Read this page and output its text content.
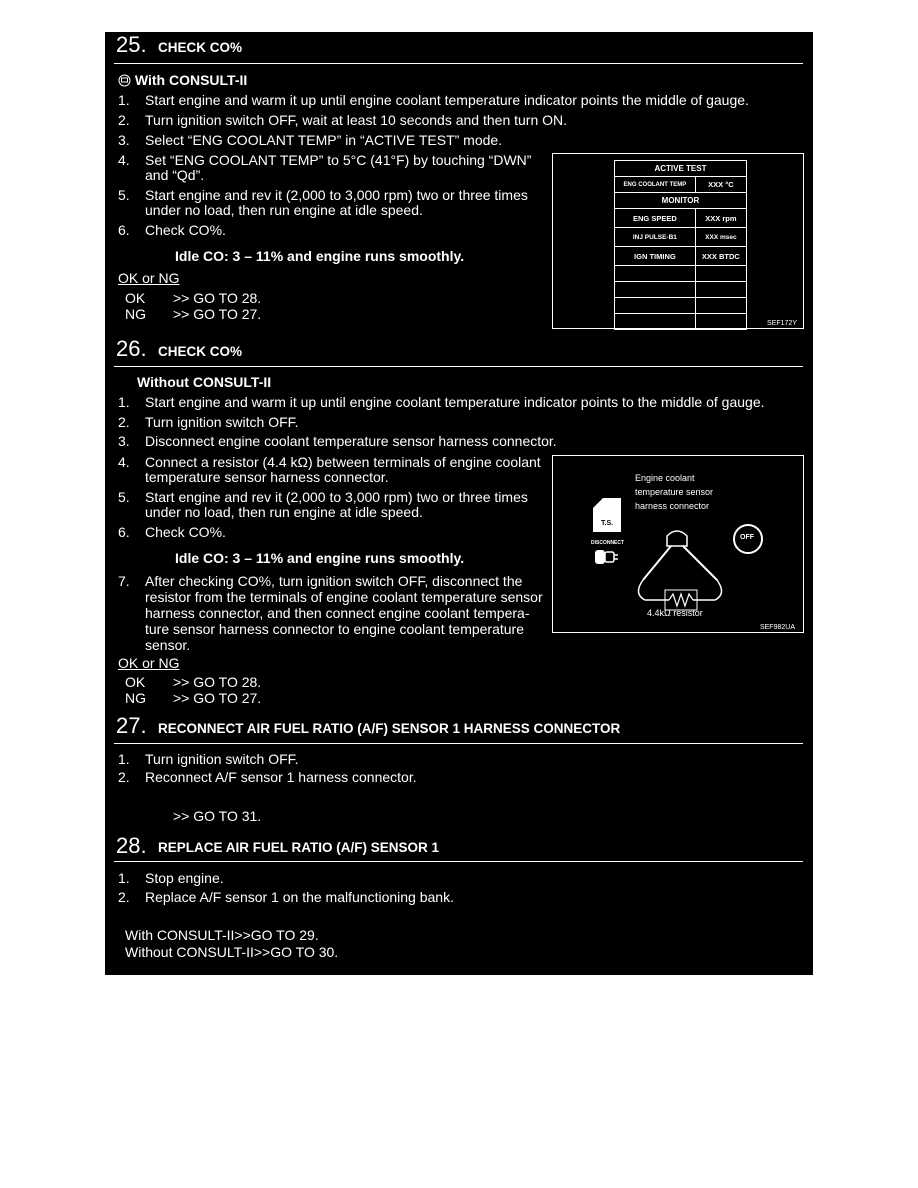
25. CHECK CO%
With CONSULT-II
1. Start engine and warm it up until engine coolant temperature indicator points the middle of gauge.
2. Turn ignition switch OFF, wait at least 10 seconds and then turn ON.
3. Select “ENG COOLANT TEMP” in “ACTIVE TEST” mode.
4. Set “ENG COOLANT TEMP” to 5°C (41°F) by touching “DWN”
and “Qd”.
5. Start engine and rev it (2,000 to 3,000 rpm) two or three times
under no load, then run engine at idle speed.
6. Check CO%.
Idle CO: 3 – 11% and engine runs smoothly.
OK or NG
OK >> GO TO 28.
NG >> GO TO 27.
ACTIVE TEST	
ENG COOLANT TEMP	XXX °C
MONITOR	
ENG SPEED	XXX rpm
INJ PULSE-B1	XXX msec
IGN TIMING	XXX BTDC

SEF172Y
26. CHECK CO%
Without CONSULT-II
1. Start engine and warm it up until engine coolant temperature indicator points to the middle of gauge.
2. Turn ignition switch OFF.
3. Disconnect engine coolant temperature sensor harness connector.
4. Connect a resistor (4.4 kΩ) between terminals of engine coolant
temperature sensor harness connector.
5. Start engine and rev it (2,000 to 3,000 rpm) two or three times
under no load, then run engine at idle speed.
6. Check CO%.
Idle CO: 3 – 11% and engine runs smoothly.
7. After checking CO%, turn ignition switch OFF, disconnect the
resistor from the terminals of engine coolant temperature sensor
harness connector, and then connect engine coolant tempera-
ture sensor harness connector to engine coolant temperature
sensor.
OK or NG
OK >> GO TO 28.
NG >> GO TO 27.
Engine coolant
temperature sensor
harness connector
T.S.
DISCONNECT
OFF
4.4kΩ resistor
SEF982UA
27. RECONNECT AIR FUEL RATIO (A/F) SENSOR 1 HARNESS CONNECTOR
1. Turn ignition switch OFF.
2. Reconnect A/F sensor 1 harness connector.
>> GO TO 31.
28. REPLACE AIR FUEL RATIO (A/F) SENSOR 1
1. Stop engine.
2. Replace A/F sensor 1 on the malfunctioning bank.
With CONSULT-II>>GO TO 29.
Without CONSULT-II>>GO TO 30.
